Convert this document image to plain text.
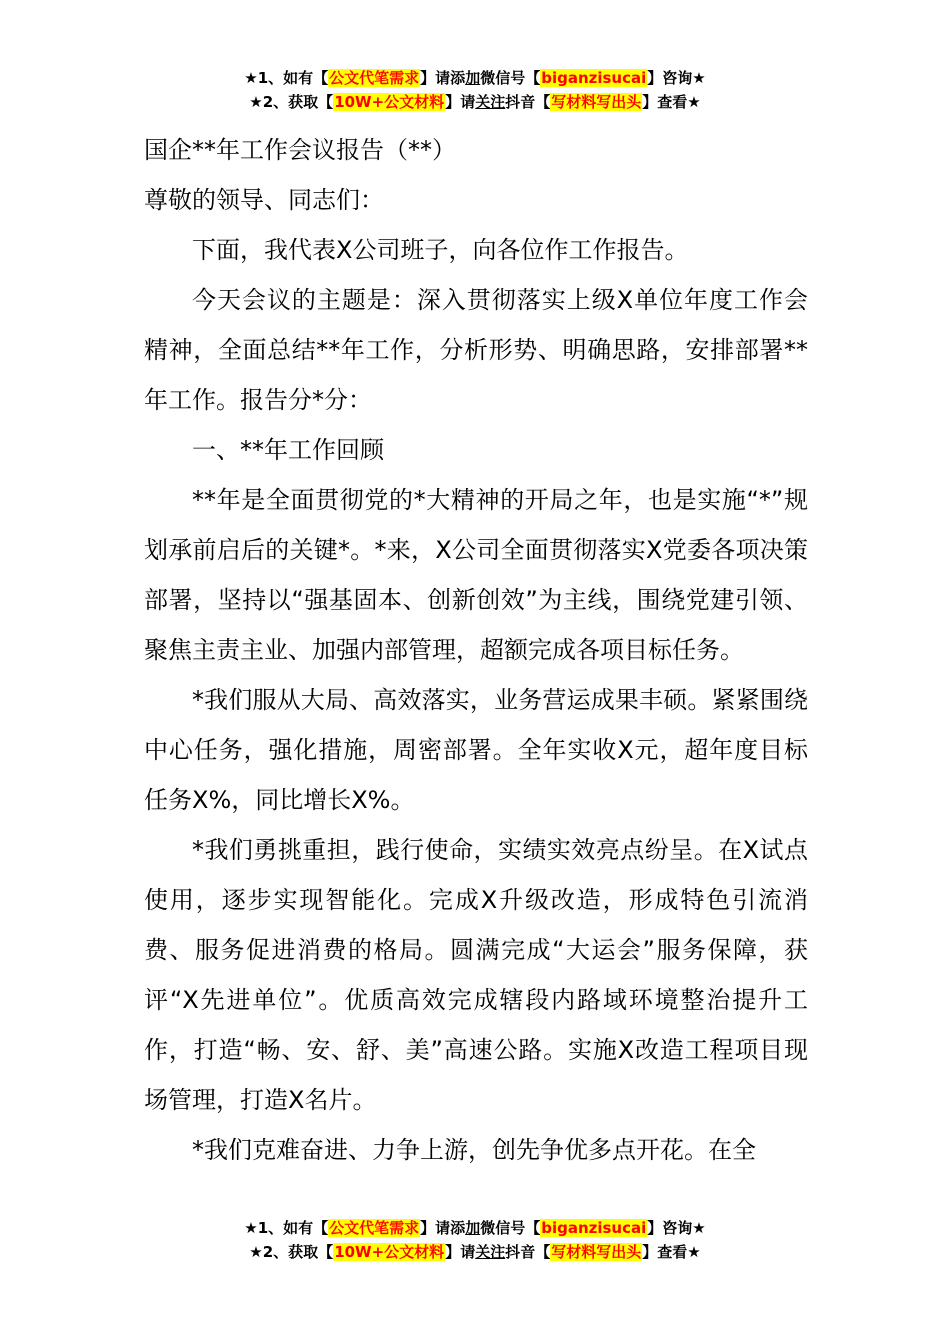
★1、如有【公文代笔需求】请添加微信号【biganzisucai】咨询★
★2、获取【10W+公文材料】请关注抖音【写材料写出头】查看★

国企**年工作会议报告（**）

尊敬的领导、同志们：

下面，我代表X公司班子，向各位作工作报告。

今天会议的主题是：深入贯彻落实上级X单位年度工作会精神，全面总结**年工作，分析形势、明确思路，安排部署**年工作。报告分*分：

一、**年工作回顾

**年是全面贯彻党的*大精神的开局之年，也是实施“*”规划承前启后的关键*。*来，X公司全面贯彻落实X党委各项决策部署，坚持以“强基固本、创新创效”为主线，围绕党建引领、聚焦主责主业、加强内部管理，超额完成各项目标任务。

*我们服从大局、高效落实，业务营运成果丰硕。紧紧围绕中心任务，强化措施，周密部署。全年实收X元，超年度目标任务X%，同比增长X%。

*我们勇挑重担，践行使命，实绩实效亮点纷呈。在X试点使用，逐步实现智能化。完成X升级改造，形成特色引流消费、服务促进消费的格局。圆满完成“大运会”服务保障，获评“X先进单位”。优质高效完成辖段内路域环境整治提升工作，打造“畅、安、舒、美”高速公路。实施X改造工程项目现场管理，打造X名片。

*我们克难奋进、力争上游，创先争优多点开花。在全

★1、如有【公文代笔需求】请添加微信号【biganzisucai】咨询★
★2、获取【10W+公文材料】请关注抖音【写材料写出头】查看★
